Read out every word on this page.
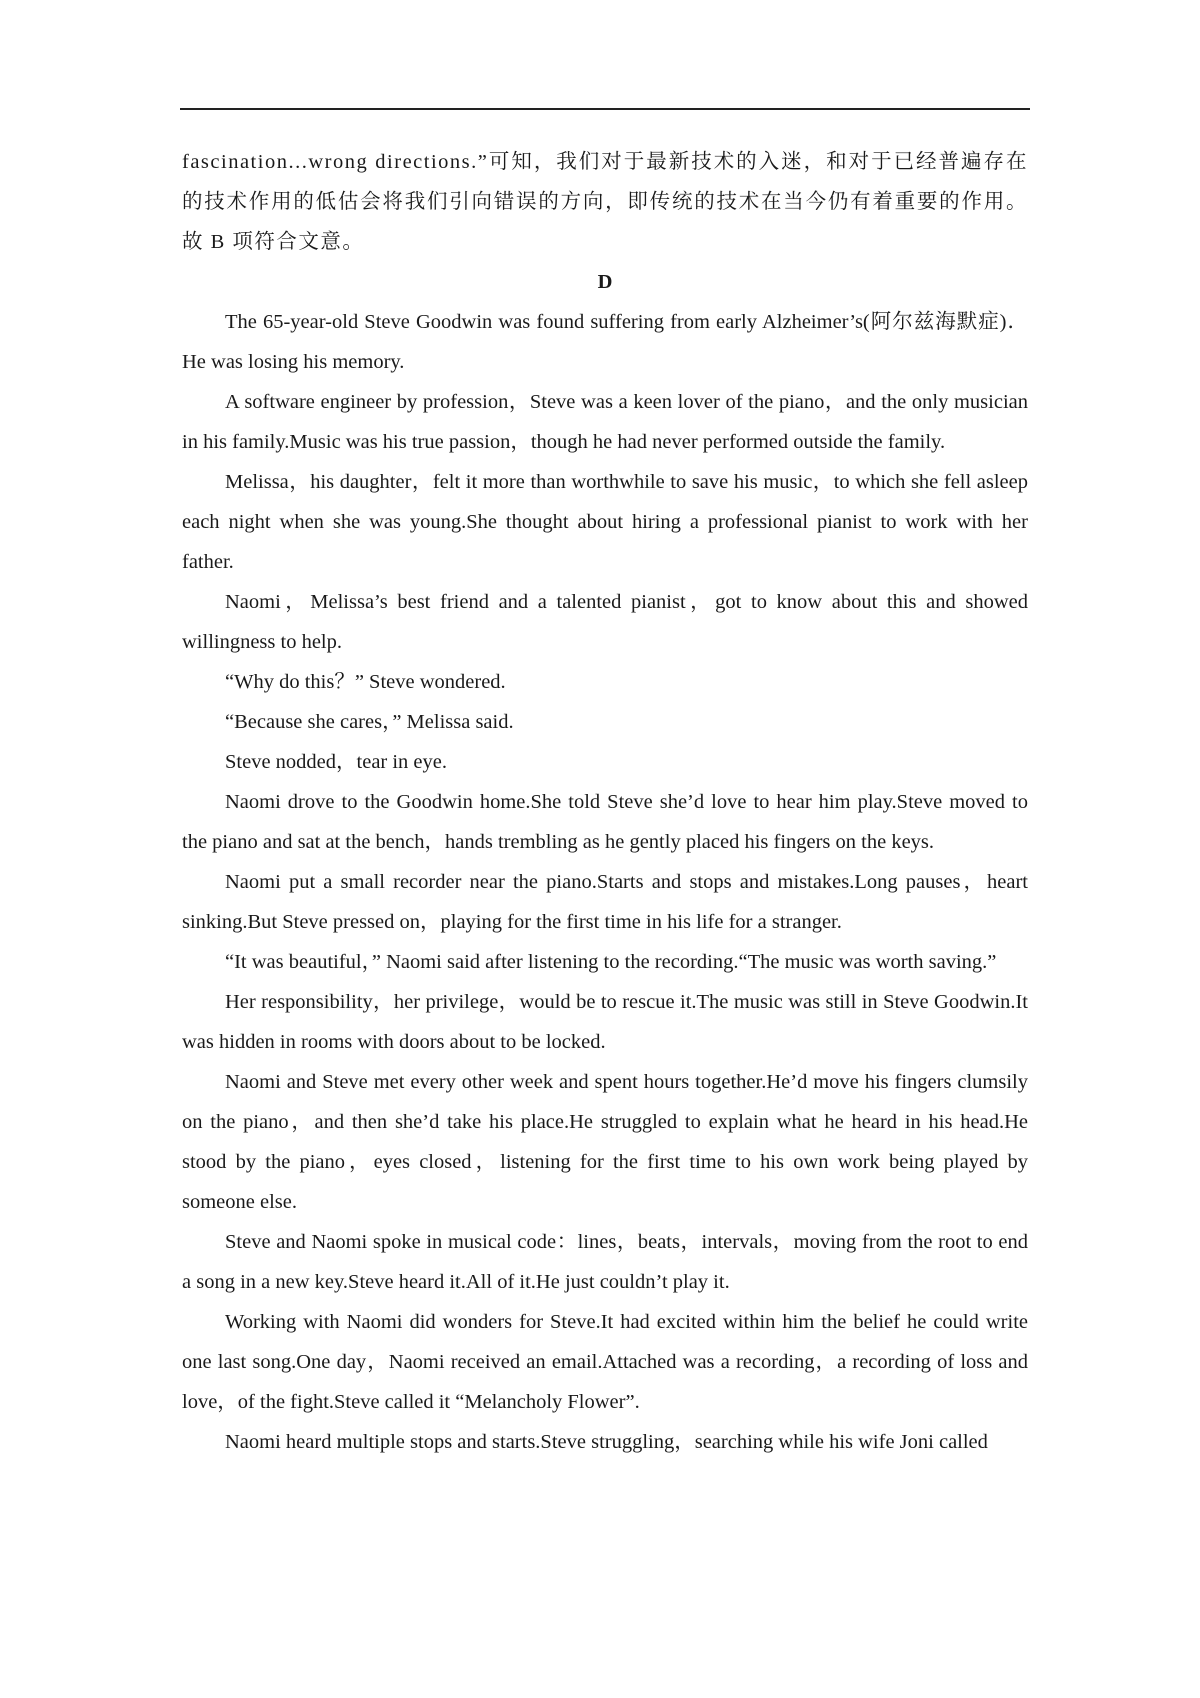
fascination...wrong directions.”可知，我们对于最新技术的入迷，和对于已经普遍存在的技术作用的低估会将我们引向错误的方向，即传统的技术在当今仍有着重要的作用。故 B 项符合文意。

D

The 65-year-old Steve Goodwin was found suffering from early Alzheimer’s(阿尔兹海默症)．He was losing his memory.

A software engineer by profession，Steve was a keen lover of the piano，and the only musician in his family.Music was his true passion，though he had never performed outside the family.

Melissa，his daughter，felt it more than worthwhile to save his music，to which she fell asleep each night when she was young.She thought about hiring a professional pianist to work with her father.

Naomi，Melissa’s best friend and a talented pianist，got to know about this and showed willingness to help.

“Why do this？” Steve wondered.

“Because she cares，” Melissa said.

Steve nodded，tear in eye.

Naomi drove to the Goodwin home.She told Steve she’d love to hear him play.Steve moved to the piano and sat at the bench，hands trembling as he gently placed his fingers on the keys.

Naomi put a small recorder near the piano.Starts and stops and mistakes.Long pauses，heart sinking.But Steve pressed on，playing for the first time in his life for a stranger.

“It was beautiful，” Naomi said after listening to the recording.“The music was worth saving.”

Her responsibility，her privilege，would be to rescue it.The music was still in Steve Goodwin.It was hidden in rooms with doors about to be locked.

Naomi and Steve met every other week and spent hours together.He’d move his fingers clumsily on the piano，and then she’d take his place.He struggled to explain what he heard in his head.He stood by the piano，eyes closed，listening for the first time to his own work being played by someone else.

Steve and Naomi spoke in musical code：lines，beats，intervals，moving from the root to end a song in a new key.Steve heard it.All of it.He just couldn’t play it.

Working with Naomi did wonders for Steve.It had excited within him the belief he could write one last song.One day，Naomi received an email.Attached was a recording，a recording of loss and love，of the fight.Steve called it “Melancholy Flower”.

Naomi heard multiple stops and starts.Steve struggling，searching while his wife Joni called
